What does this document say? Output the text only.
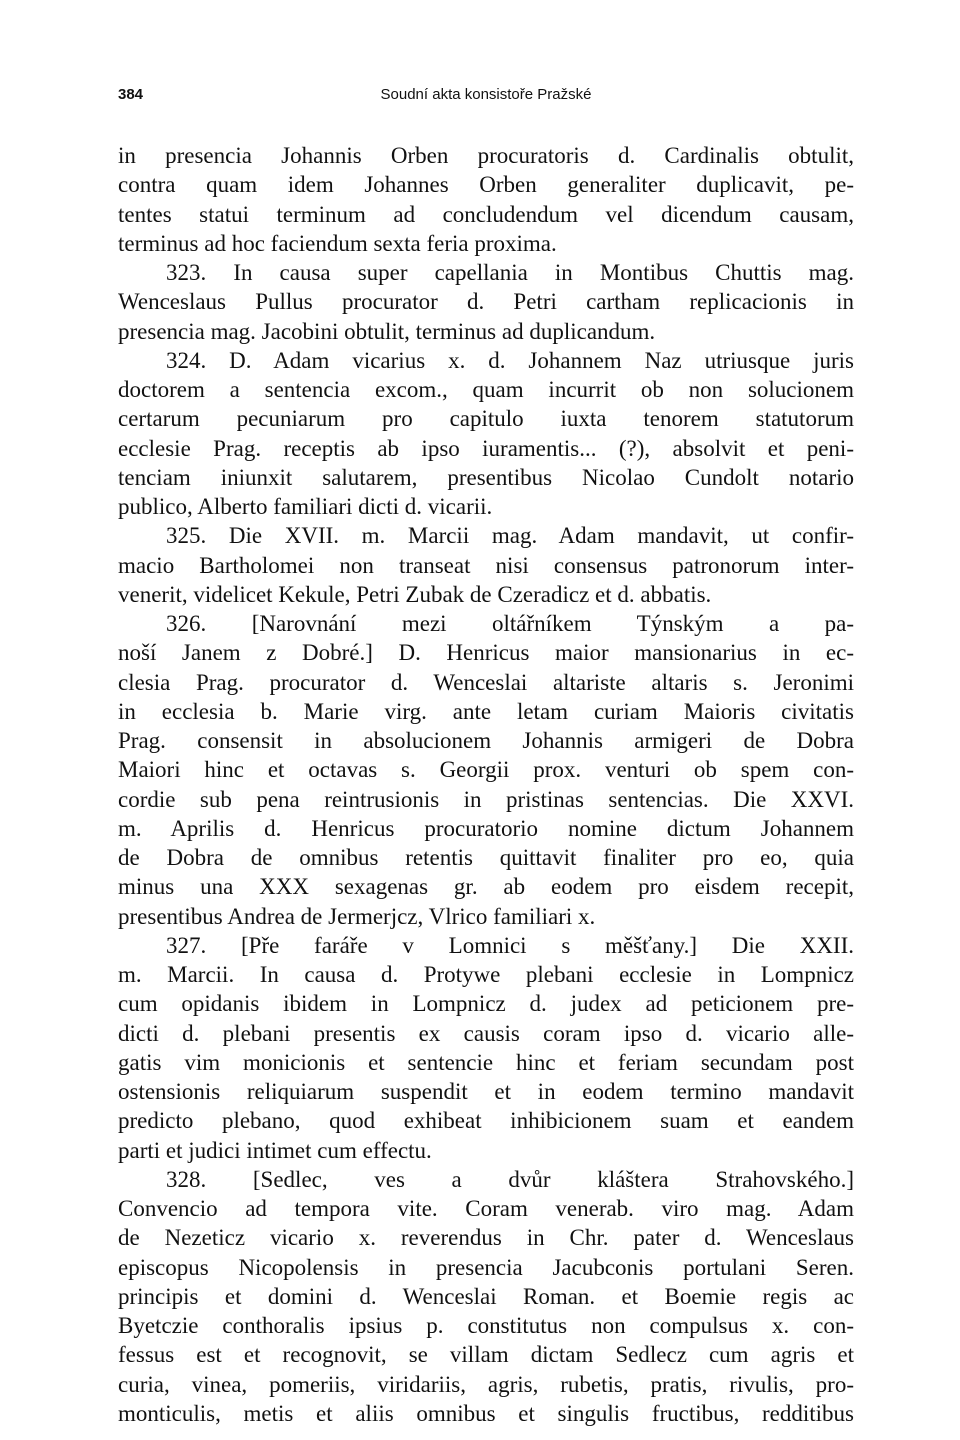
384	Soudní akta konsistoře Pražské
in presencia Johannis Orben procuratoris d. Cardinalis obtulit,
contra quam idem Johannes Orben generaliter duplicavit, pe-
tentes statui terminum ad concludendum vel dicendum causam,
terminus ad hoc faciendum sexta feria proxima.
323. In causa super capellania in Montibus Chuttis mag.
Wenceslaus Pullus procurator d. Petri cartham replicacionis in
presencia mag. Jacobini obtulit, terminus ad duplicandum.
324. D. Adam vicarius x. d. Johannem Naz utriusque juris
doctorem a sentencia excom., quam incurrit ob non solucionem
certarum pecuniarum pro capitulo iuxta tenorem statutorum
ecclesie Prag. receptis ab ipso iuramentis... (?), absolvit et peni-
tenciam iniunxit salutarem, presentibus Nicolao Cundolt notario
publico, Alberto familiari dicti d. vicarii.
325. Die XVII. m. Marcii mag. Adam mandavit, ut confir-
macio Bartholomei non transeat nisi consensus patronorum inter-
venerit, videlicet Kekule, Petri Zubak de Czeradicz et d. abbatis.
326. [Narovnání mezi oltářníkem Týnským a pa-
noší Janem z Dobré.] D. Henricus maior mansionarius in ec-
clesia Prag. procurator d. Wenceslai altariste altaris s. Jeronimi
in ecclesia b. Marie virg. ante letam curiam Maioris civitatis
Prag. consensit in absolucionem Johannis armigeri de Dobra
Maiori hinc et octavas s. Georgii prox. venturi ob spem con-
cordie sub pena reintrusionis in pristinas sentencias. Die XXVI.
m. Aprilis d. Henricus procuratorio nomine dictum Johannem
de Dobra de omnibus retentis quittavit finaliter pro eo, quia
minus una XXX sexagenas gr. ab eodem pro eisdem recepit,
presentibus Andrea de Jermerjcz, Vlrico familiari x.
327. [Pře faráře v Lomnici s měšťany.] Die XXII.
m. Marcii. In causa d. Protywe plebani ecclesie in Lompnicz
cum opidanis ibidem in Lompnicz d. judex ad peticionem pre-
dicti d. plebani presentis ex causis coram ipso d. vicario alle-
gatis vim monicionis et sentencie hinc et feriam secundam post
ostensionis reliquiarum suspendit et in eodem termino mandavit
predicto plebano, quod exhibeat inhibicionem suam et eandem
parti et judici intimet cum effectu.
328. [Sedlec, ves a dvůr kláštera Strahovského.]
Convencio ad tempora vite. Coram venerab. viro mag. Adam
de Nezeticz vicario x. reverendus in Chr. pater d. Wenceslaus
episcopus Nicopolensis in presencia Jacubconis portulani Seren.
principis et domini d. Wenceslai Roman. et Boemie regis ac
Byetczie conthoralis ipsius p. constitutus non compulsus x. con-
fessus est et recognovit, se villam dictam Sedlecz cum agris et
curia, vinea, pomeriis, viridariis, agris, rubetis, pratis, rivulis, pro-
monticulis, metis et aliis omnibus et singulis fructibus, redditibus
